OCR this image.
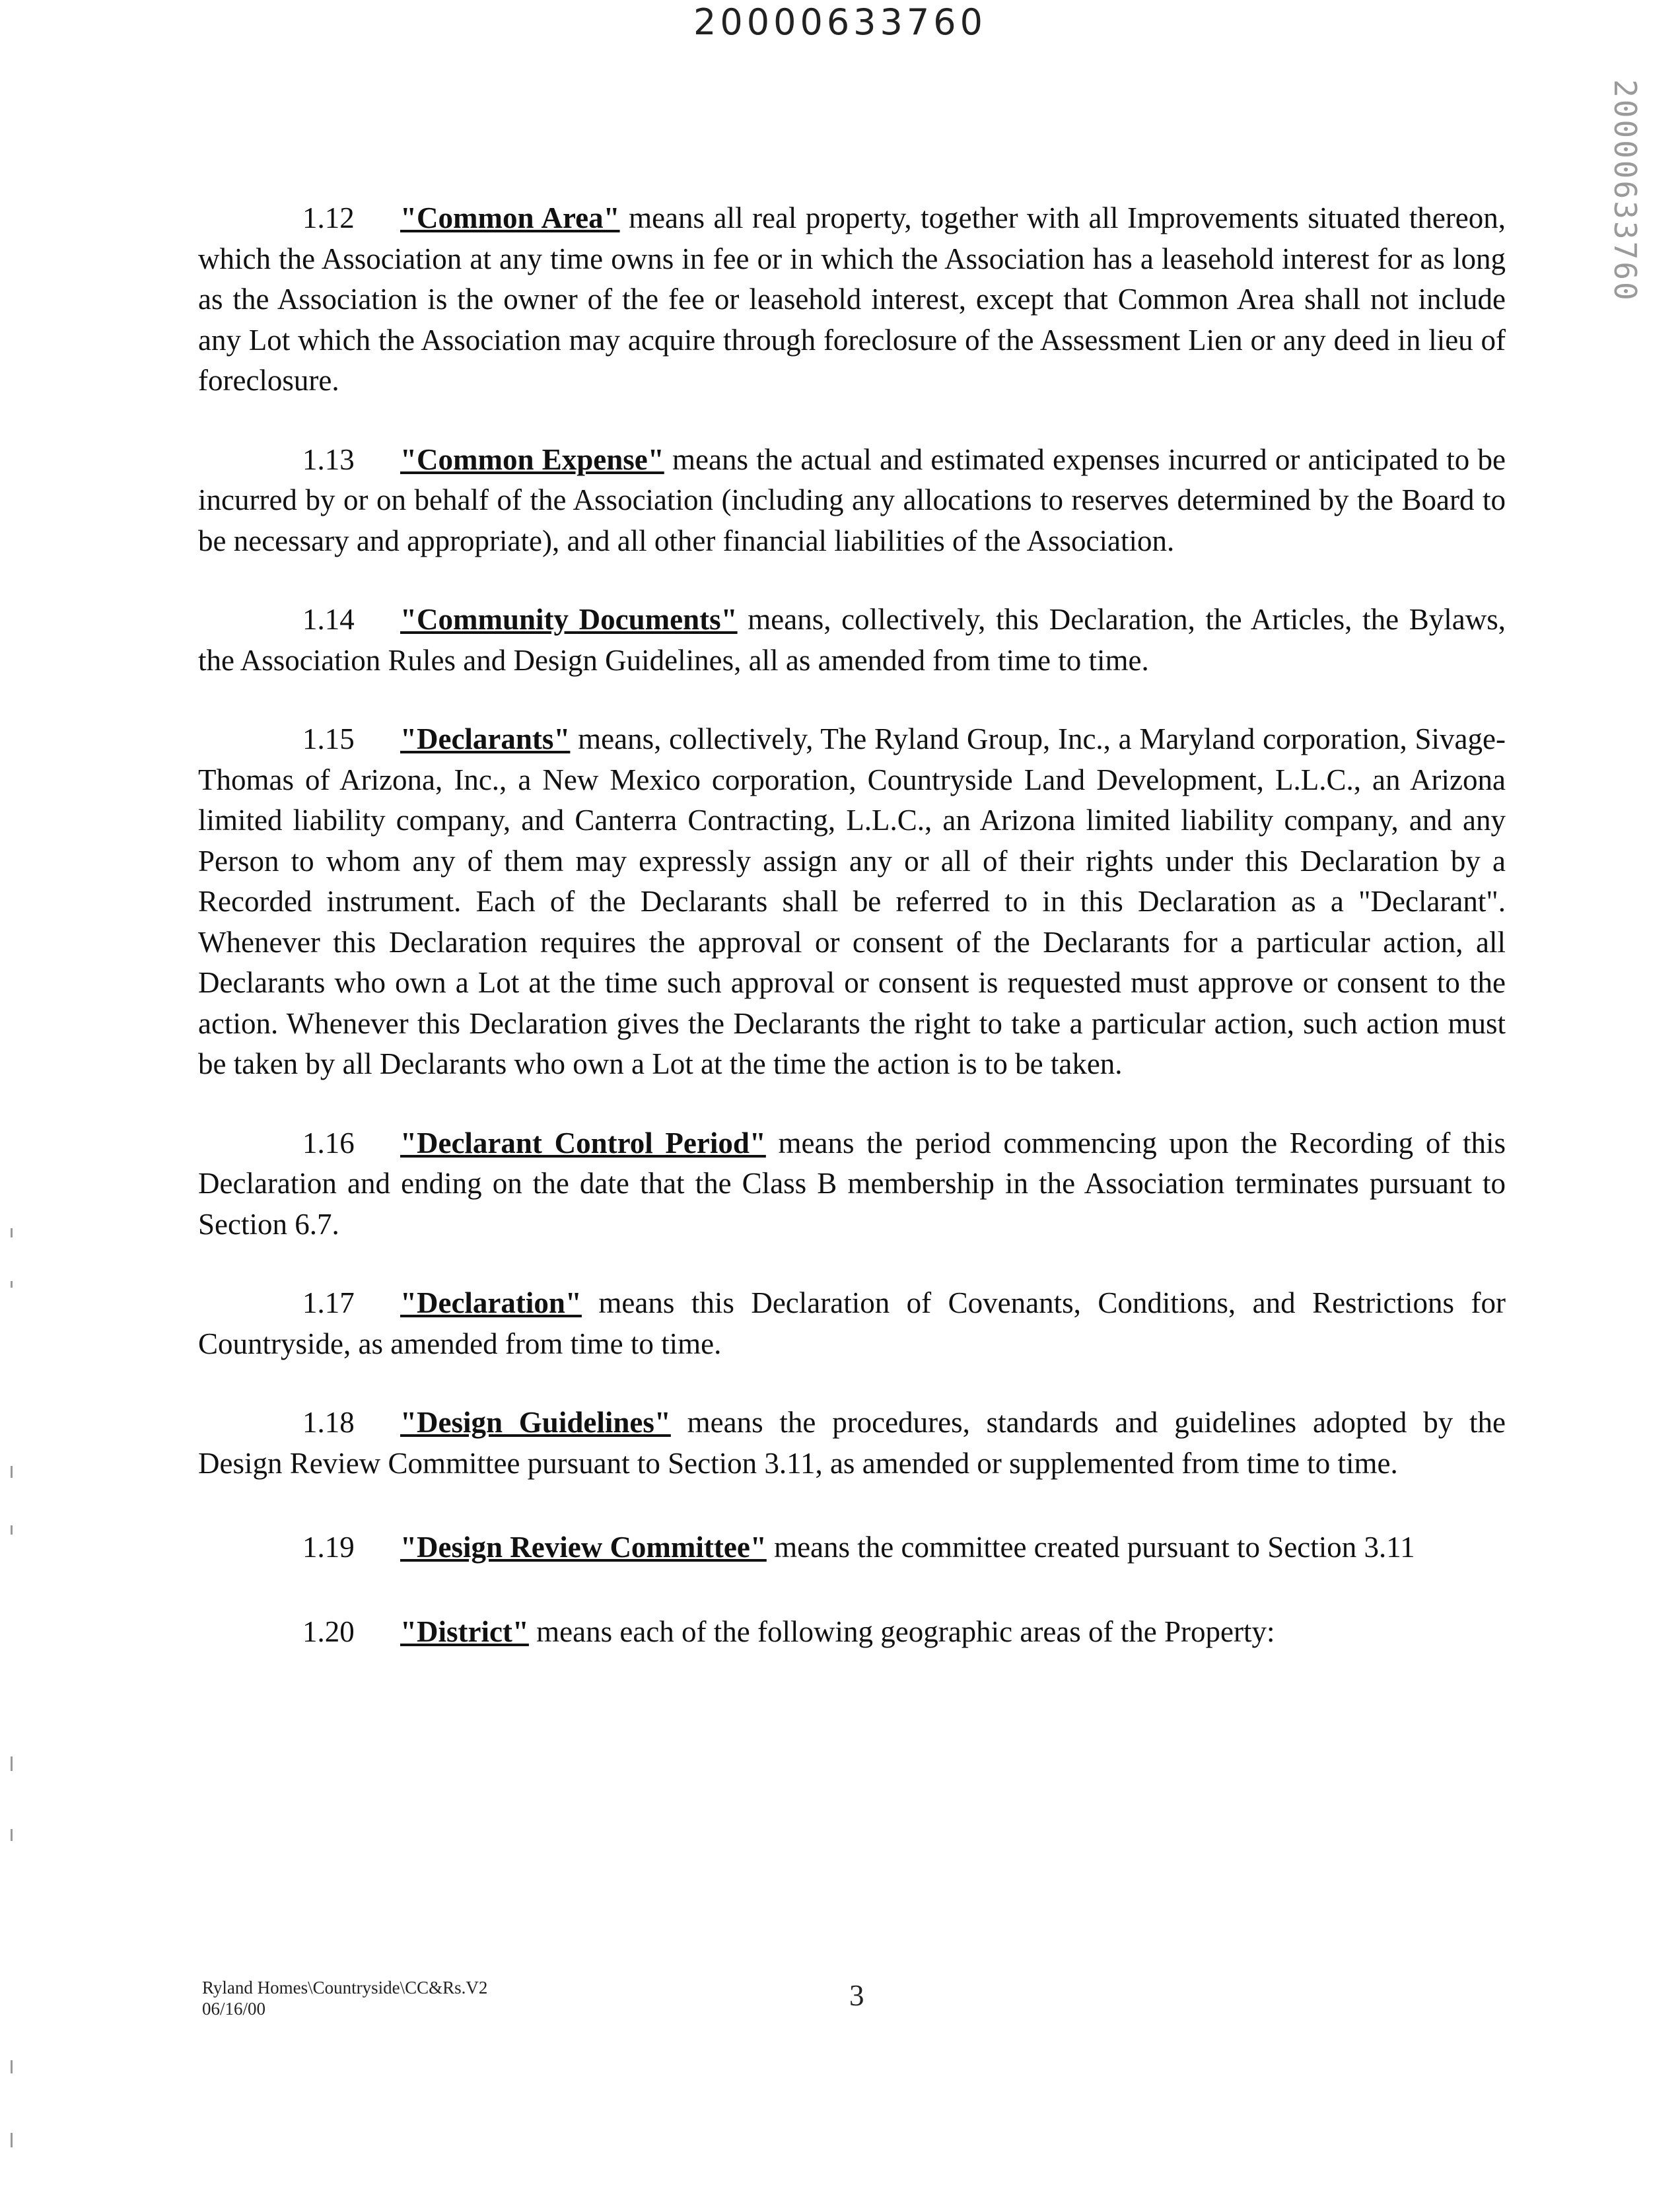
20000633760
20000633760

1.12 "Common Area" means all real property, together with all Improvements situated thereon, which the Association at any time owns in fee or in which the Association has a leasehold interest for as long as the Association is the owner of the fee or leasehold interest, except that Common Area shall not include any Lot which the Association may acquire through foreclosure of the Assessment Lien or any deed in lieu of foreclosure.

1.13 "Common Expense" means the actual and estimated expenses incurred or anticipated to be incurred by or on behalf of the Association (including any allocations to reserves determined by the Board to be necessary and appropriate), and all other financial liabilities of the Association.

1.14 "Community Documents" means, collectively, this Declaration, the Articles, the Bylaws, the Association Rules and Design Guidelines, all as amended from time to time.

1.15 "Declarants" means, collectively, The Ryland Group, Inc., a Maryland corporation, Sivage-Thomas of Arizona, Inc., a New Mexico corporation, Countryside Land Development, L.L.C., an Arizona limited liability company, and Canterra Contracting, L.L.C., an Arizona limited liability company, and any Person to whom any of them may expressly assign any or all of their rights under this Declaration by a Recorded instrument. Each of the Declarants shall be referred to in this Declaration as a "Declarant". Whenever this Declaration requires the approval or consent of the Declarants for a particular action, all Declarants who own a Lot at the time such approval or consent is requested must approve or consent to the action. Whenever this Declaration gives the Declarants the right to take a particular action, such action must be taken by all Declarants who own a Lot at the time the action is to be taken.

1.16 "Declarant Control Period" means the period commencing upon the Recording of this Declaration and ending on the date that the Class B membership in the Association terminates pursuant to Section 6.7.

1.17 "Declaration" means this Declaration of Covenants, Conditions, and Restrictions for Countryside, as amended from time to time.

1.18 "Design Guidelines" means the procedures, standards and guidelines adopted by the Design Review Committee pursuant to Section 3.11, as amended or supplemented from time to time.

1.19 "Design Review Committee" means the committee created pursuant to Section 3.11

1.20 "District" means each of the following geographic areas of the Property:

Ryland Homes\Countryside\CC&Rs.V2
06/16/00	3
